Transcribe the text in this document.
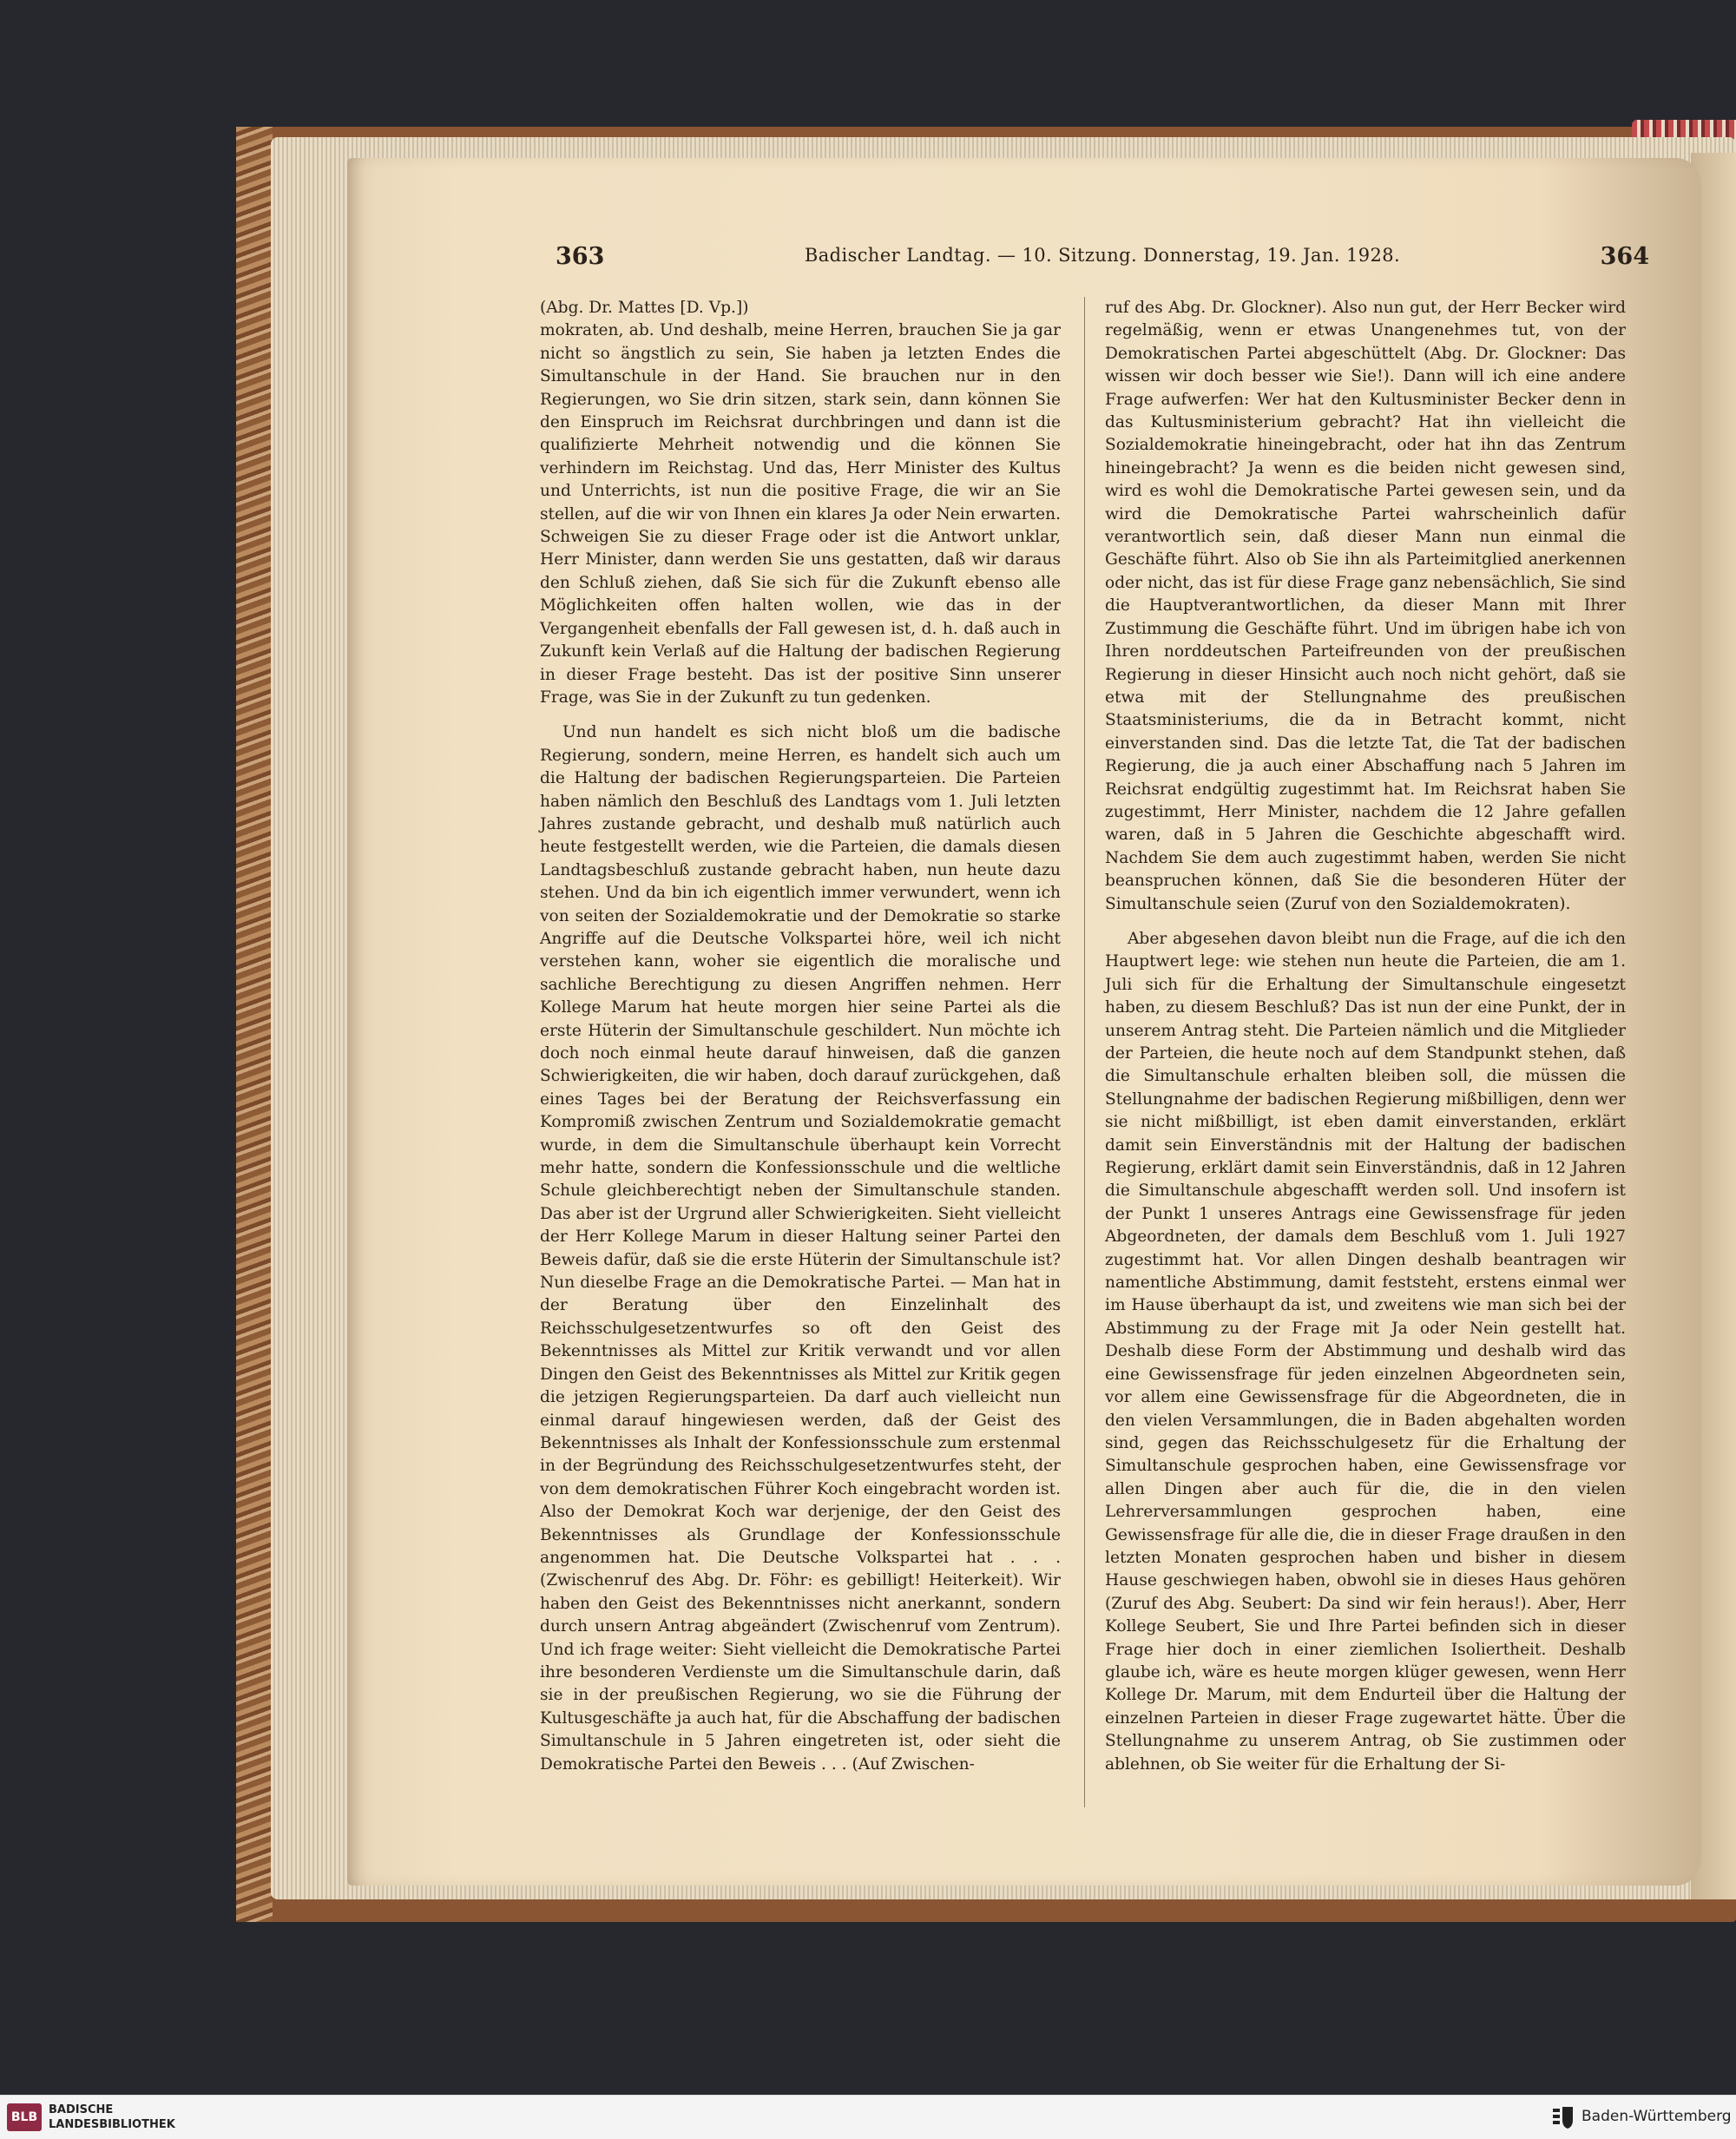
363	Badischer Landtag. — 10. Sitzung. Donnerstag, 19. Jan. 1928.	364

(Abg. Dr. Mattes [D. Vp.])

mokraten, ab. Und deshalb, meine Herren, brauchen Sie ja gar nicht so ängstlich zu sein, Sie haben ja letzten Endes die Simultanschule in der Hand. Sie brauchen nur in den Regierungen, wo Sie drin sitzen, stark sein, dann können Sie den Einspruch im Reichsrat durchbringen und dann ist die qualifizierte Mehrheit notwendig und die können Sie verhindern im Reichstag. Und das, Herr Minister des Kultus und Unterrichts, ist nun die positive Frage, die wir an Sie stellen, auf die wir von Ihnen ein klares Ja oder Nein erwarten. Schweigen Sie zu dieser Frage oder ist die Antwort unklar, Herr Minister, dann werden Sie uns gestatten, daß wir daraus den Schluß ziehen, daß Sie sich für die Zukunft ebenso alle Möglichkeiten offen halten wollen, wie das in der Vergangenheit ebenfalls der Fall gewesen ist, d. h. daß auch in Zukunft kein Verlaß auf die Haltung der badischen Regierung in dieser Frage besteht. Das ist der positive Sinn unserer Frage, was Sie in der Zukunft zu tun gedenken.

Und nun handelt es sich nicht bloß um die badische Regierung, sondern, meine Herren, es handelt sich auch um die Haltung der badischen Regierungsparteien. Die Parteien haben nämlich den Beschluß des Landtags vom 1. Juli letzten Jahres zustande gebracht, und deshalb muß natürlich auch heute festgestellt werden, wie die Parteien, die damals diesen Landtagsbeschluß zustande gebracht haben, nun heute dazu stehen. Und da bin ich eigentlich immer verwundert, wenn ich von seiten der Sozialdemokratie und der Demokratie so starke Angriffe auf die Deutsche Volkspartei höre, weil ich nicht verstehen kann, woher sie eigentlich die moralische und sachliche Berechtigung zu diesen Angriffen nehmen. Herr Kollege Marum hat heute morgen hier seine Partei als die erste Hüterin der Simultanschule geschildert. Nun möchte ich doch noch einmal heute darauf hinweisen, daß die ganzen Schwierigkeiten, die wir haben, doch darauf zurückgehen, daß eines Tages bei der Beratung der Reichsverfassung ein Kompromiß zwischen Zentrum und Sozialdemokratie gemacht wurde, in dem die Simultanschule überhaupt kein Vorrecht mehr hatte, sondern die Konfessionsschule und die weltliche Schule gleichberechtigt neben der Simultanschule standen. Das aber ist der Urgrund aller Schwierigkeiten. Sieht vielleicht der Herr Kollege Marum in dieser Haltung seiner Partei den Beweis dafür, daß sie die erste Hüterin der Simultanschule ist? Nun dieselbe Frage an die Demokratische Partei. — Man hat in der Beratung über den Einzelinhalt des Reichsschulgesetzentwurfes so oft den Geist des Bekenntnisses als Mittel zur Kritik verwandt und vor allen Dingen den Geist des Bekenntnisses als Mittel zur Kritik gegen die jetzigen Regierungsparteien. Da darf auch vielleicht nun einmal darauf hingewiesen werden, daß der Geist des Bekenntnisses als Inhalt der Konfessionsschule zum erstenmal in der Begründung des Reichsschulgesetzentwurfes steht, der von dem demokratischen Führer Koch eingebracht worden ist. Also der Demokrat Koch war derjenige, der den Geist des Bekenntnisses als Grundlage der Konfessionsschule angenommen hat. Die Deutsche Volkspartei hat . . . (Zwischenruf des Abg. Dr. Föhr: es gebilligt! Heiterkeit). Wir haben den Geist des Bekenntnisses nicht anerkannt, sondern durch unsern Antrag abgeändert (Zwischenruf vom Zentrum). Und ich frage weiter: Sieht vielleicht die Demokratische Partei ihre besonderen Verdienste um die Simultanschule darin, daß sie in der preußischen Regierung, wo sie die Führung der Kultusgeschäfte ja auch hat, für die Abschaffung der badischen Simultanschule in 5 Jahren eingetreten ist, oder sieht die Demokratische Partei den Beweis . . . (Auf Zwischen-

ruf des Abg. Dr. Glockner). Also nun gut, der Herr Becker wird regelmäßig, wenn er etwas Unangenehmes tut, von der Demokratischen Partei abgeschüttelt (Abg. Dr. Glockner: Das wissen wir doch besser wie Sie!). Dann will ich eine andere Frage aufwerfen: Wer hat den Kultusminister Becker denn in das Kultusministerium gebracht? Hat ihn vielleicht die Sozialdemokratie hineingebracht, oder hat ihn das Zentrum hineingebracht? Ja wenn es die beiden nicht gewesen sind, wird es wohl die Demokratische Partei gewesen sein, und da wird die Demokratische Partei wahrscheinlich dafür verantwortlich sein, daß dieser Mann nun einmal die Geschäfte führt. Also ob Sie ihn als Parteimitglied anerkennen oder nicht, das ist für diese Frage ganz nebensächlich, Sie sind die Hauptverantwortlichen, da dieser Mann mit Ihrer Zustimmung die Geschäfte führt. Und im übrigen habe ich von Ihren norddeutschen Parteifreunden von der preußischen Regierung in dieser Hinsicht auch noch nicht gehört, daß sie etwa mit der Stellungnahme des preußischen Staatsministeriums, die da in Betracht kommt, nicht einverstanden sind. Das die letzte Tat, die Tat der badischen Regierung, die ja auch einer Abschaffung nach 5 Jahren im Reichsrat endgültig zugestimmt hat. Im Reichsrat haben Sie zugestimmt, Herr Minister, nachdem die 12 Jahre gefallen waren, daß in 5 Jahren die Geschichte abgeschafft wird. Nachdem Sie dem auch zugestimmt haben, werden Sie nicht beanspruchen können, daß Sie die besonderen Hüter der Simultanschule seien (Zuruf von den Sozialdemokraten).

Aber abgesehen davon bleibt nun die Frage, auf die ich den Hauptwert lege: wie stehen nun heute die Parteien, die am 1. Juli sich für die Erhaltung der Simultanschule eingesetzt haben, zu diesem Beschluß? Das ist nun der eine Punkt, der in unserem Antrag steht. Die Parteien nämlich und die Mitglieder der Parteien, die heute noch auf dem Standpunkt stehen, daß die Simultanschule erhalten bleiben soll, die müssen die Stellungnahme der badischen Regierung mißbilligen, denn wer sie nicht mißbilligt, ist eben damit einverstanden, erklärt damit sein Einverständnis mit der Haltung der badischen Regierung, erklärt damit sein Einverständnis, daß in 12 Jahren die Simultanschule abgeschafft werden soll. Und insofern ist der Punkt 1 unseres Antrags eine Gewissensfrage für jeden Abgeordneten, der damals dem Beschluß vom 1. Juli 1927 zugestimmt hat. Vor allen Dingen deshalb beantragen wir namentliche Abstimmung, damit feststeht, erstens einmal wer im Hause überhaupt da ist, und zweitens wie man sich bei der Abstimmung zu der Frage mit Ja oder Nein gestellt hat. Deshalb diese Form der Abstimmung und deshalb wird das eine Gewissensfrage für jeden einzelnen Abgeordneten sein, vor allem eine Gewissensfrage für die Abgeordneten, die in den vielen Versammlungen, die in Baden abgehalten worden sind, gegen das Reichsschulgesetz für die Erhaltung der Simultanschule gesprochen haben, eine Gewissensfrage vor allen Dingen aber auch für die, die in den vielen Lehrerversammlungen gesprochen haben, eine Gewissensfrage für alle die, die in dieser Frage draußen in den letzten Monaten gesprochen haben und bisher in diesem Hause geschwiegen haben, obwohl sie in dieses Haus gehören (Zuruf des Abg. Seubert: Da sind wir fein heraus!). Aber, Herr Kollege Seubert, Sie und Ihre Partei befinden sich in dieser Frage hier doch in einer ziemlichen Isoliertheit. Deshalb glaube ich, wäre es heute morgen klüger gewesen, wenn Herr Kollege Dr. Marum, mit dem Endurteil über die Haltung der einzelnen Parteien in dieser Frage zugewartet hätte. Über die Stellungnahme zu unserem Antrag, ob Sie zustimmen oder ablehnen, ob Sie weiter für die Erhaltung der Si-

BLB
BADISCHE
LANDESBIBLIOTHEK	Baden-Württemberg
